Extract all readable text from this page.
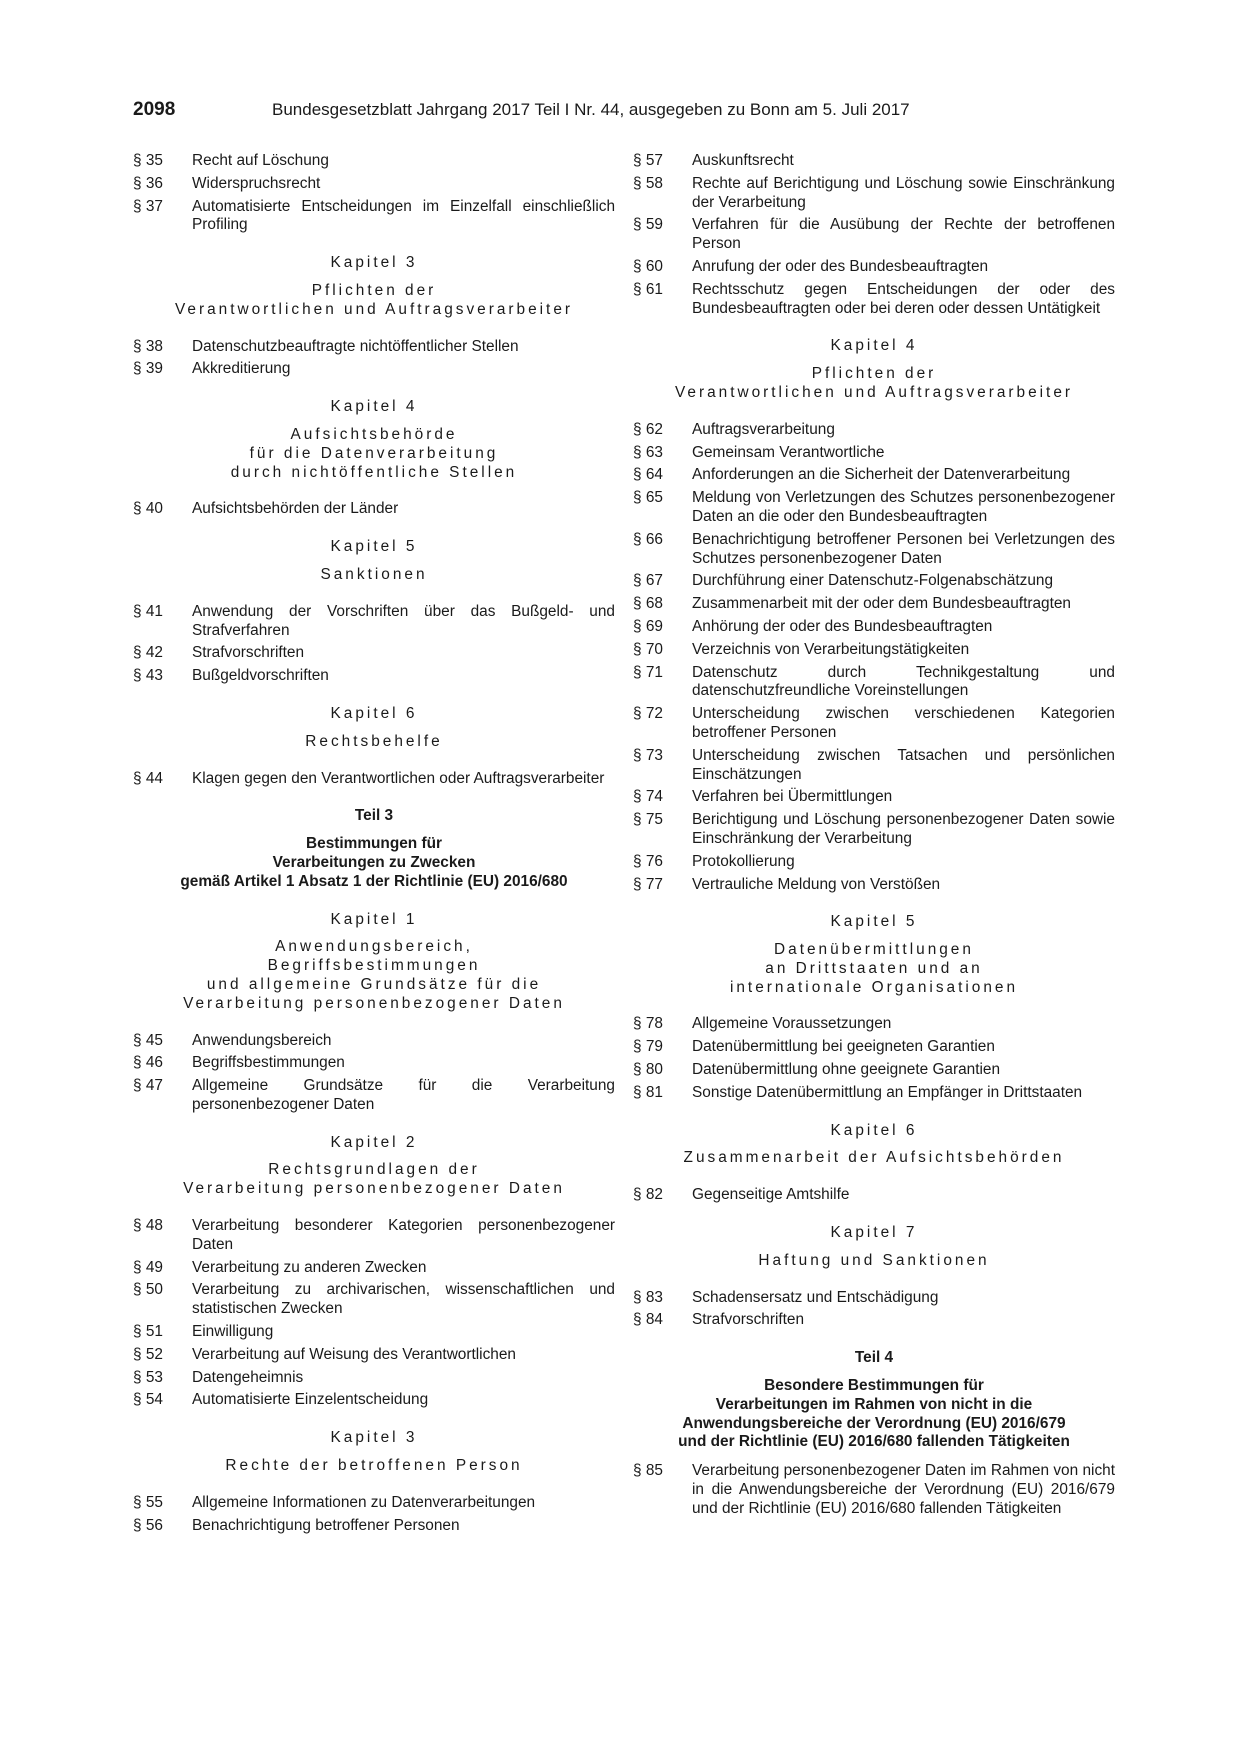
2098	Bundesgesetzblatt Jahrgang 2017 Teil I Nr. 44, ausgegeben zu Bonn am 5. Juli 2017
§ 35	Recht auf Löschung
§ 36	Widerspruchsrecht
§ 37	Automatisierte Entscheidungen im Einzelfall einschließlich Profiling
Kapitel 3
Pflichten der
Verantwortlichen und Auftragsverarbeiter
§ 38	Datenschutzbeauftragte nichtöffentlicher Stellen
§ 39	Akkreditierung
Kapitel 4
Aufsichtsbehörde
für die Datenverarbeitung
durch nichtöffentliche Stellen
§ 40	Aufsichtsbehörden der Länder
Kapitel 5
Sanktionen
§ 41	Anwendung der Vorschriften über das Bußgeld- und Strafverfahren
§ 42	Strafvorschriften
§ 43	Bußgeldvorschriften
Kapitel 6
Rechtsbehelfe
§ 44	Klagen gegen den Verantwortlichen oder Auftragsverarbeiter
Teil 3
Bestimmungen für
Verarbeitungen zu Zwecken
gemäß Artikel 1 Absatz 1 der Richtlinie (EU) 2016/680
Kapitel 1
Anwendungsbereich,
Begriffsbestimmungen
und allgemeine Grundsätze für die
Verarbeitung personenbezogener Daten
§ 45	Anwendungsbereich
§ 46	Begriffsbestimmungen
§ 47	Allgemeine Grundsätze für die Verarbeitung personenbezogener Daten
Kapitel 2
Rechtsgrundlagen der
Verarbeitung personenbezogener Daten
§ 48	Verarbeitung besonderer Kategorien personenbezogener Daten
§ 49	Verarbeitung zu anderen Zwecken
§ 50	Verarbeitung zu archivarischen, wissenschaftlichen und statistischen Zwecken
§ 51	Einwilligung
§ 52	Verarbeitung auf Weisung des Verantwortlichen
§ 53	Datengeheimnis
§ 54	Automatisierte Einzelentscheidung
Kapitel 3
Rechte der betroffenen Person
§ 55	Allgemeine Informationen zu Datenverarbeitungen
§ 56	Benachrichtigung betroffener Personen
§ 57	Auskunftsrecht
§ 58	Rechte auf Berichtigung und Löschung sowie Einschränkung der Verarbeitung
§ 59	Verfahren für die Ausübung der Rechte der betroffenen Person
§ 60	Anrufung der oder des Bundesbeauftragten
§ 61	Rechtsschutz gegen Entscheidungen der oder des Bundesbeauftragten oder bei deren oder dessen Untätigkeit
Kapitel 4
Pflichten der
Verantwortlichen und Auftragsverarbeiter
§ 62	Auftragsverarbeitung
§ 63	Gemeinsam Verantwortliche
§ 64	Anforderungen an die Sicherheit der Datenverarbeitung
§ 65	Meldung von Verletzungen des Schutzes personenbezogener Daten an die oder den Bundesbeauftragten
§ 66	Benachrichtigung betroffener Personen bei Verletzungen des Schutzes personenbezogener Daten
§ 67	Durchführung einer Datenschutz-Folgenabschätzung
§ 68	Zusammenarbeit mit der oder dem Bundesbeauftragten
§ 69	Anhörung der oder des Bundesbeauftragten
§ 70	Verzeichnis von Verarbeitungstätigkeiten
§ 71	Datenschutz durch Technikgestaltung und datenschutzfreundliche Voreinstellungen
§ 72	Unterscheidung zwischen verschiedenen Kategorien betroffener Personen
§ 73	Unterscheidung zwischen Tatsachen und persönlichen Einschätzungen
§ 74	Verfahren bei Übermittlungen
§ 75	Berichtigung und Löschung personenbezogener Daten sowie Einschränkung der Verarbeitung
§ 76	Protokollierung
§ 77	Vertrauliche Meldung von Verstößen
Kapitel 5
Datenübermittlungen
an Drittstaaten und an
internationale Organisationen
§ 78	Allgemeine Voraussetzungen
§ 79	Datenübermittlung bei geeigneten Garantien
§ 80	Datenübermittlung ohne geeignete Garantien
§ 81	Sonstige Datenübermittlung an Empfänger in Drittstaaten
Kapitel 6
Zusammenarbeit der Aufsichtsbehörden
§ 82	Gegenseitige Amtshilfe
Kapitel 7
Haftung und Sanktionen
§ 83	Schadensersatz und Entschädigung
§ 84	Strafvorschriften
Teil 4
Besondere Bestimmungen für
Verarbeitungen im Rahmen von nicht in die
Anwendungsbereiche der Verordnung (EU) 2016/679
und der Richtlinie (EU) 2016/680 fallenden Tätigkeiten
§ 85	Verarbeitung personenbezogener Daten im Rahmen von nicht in die Anwendungsbereiche der Verordnung (EU) 2016/679 und der Richtlinie (EU) 2016/680 fallenden Tätigkeiten
